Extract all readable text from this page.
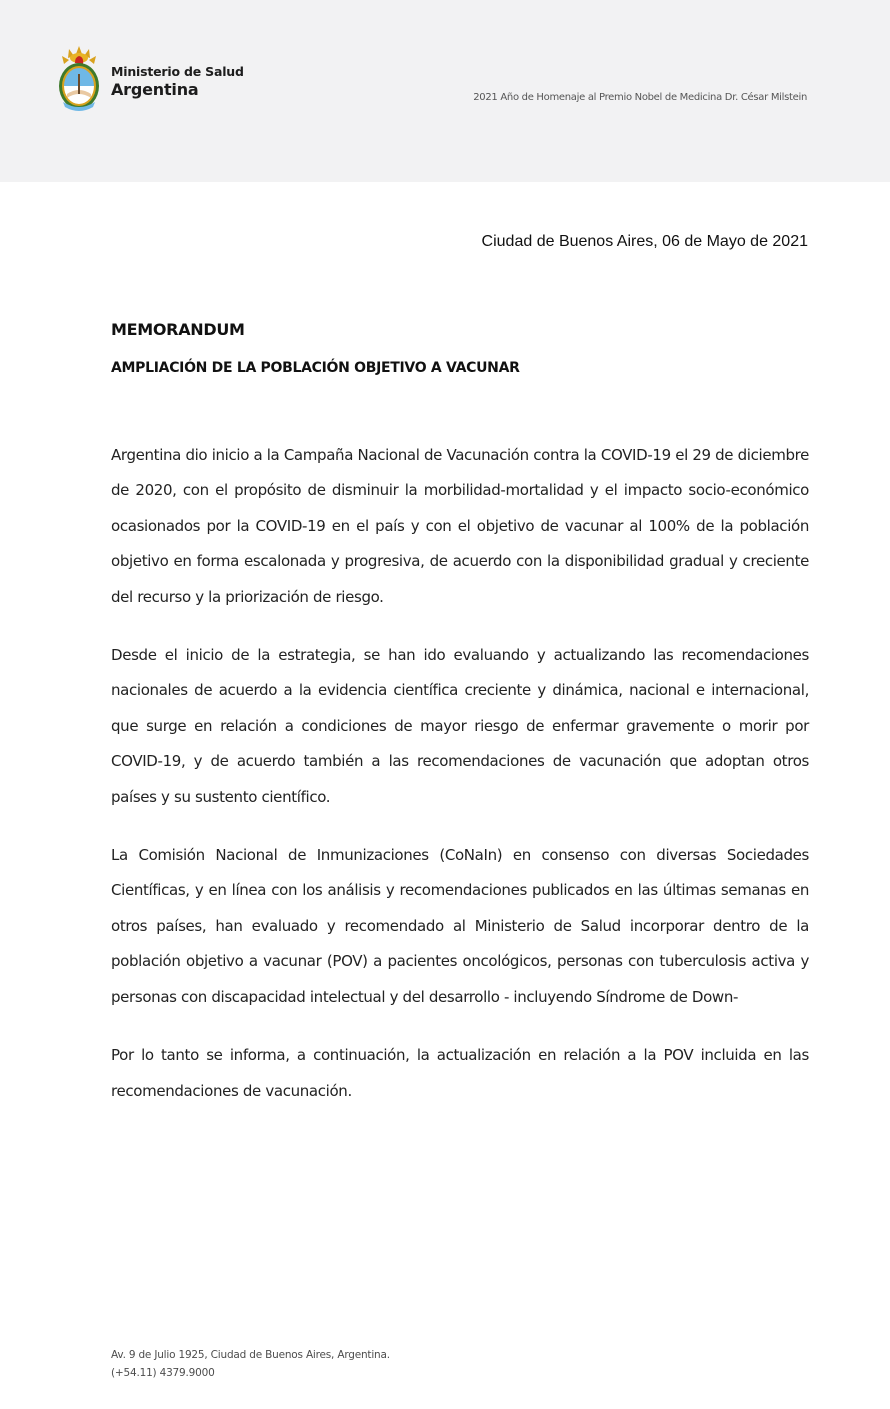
Ministerio de Salud
Argentina	2021 Año de Homenaje al Premio Nobel de Medicina Dr. César Milstein
Ciudad de Buenos Aires, 06 de Mayo de 2021
MEMORANDUM
AMPLIACIÓN DE LA POBLACIÓN OBJETIVO A VACUNAR

Argentina dio inicio a la Campaña Nacional de Vacunación contra la COVID-19 el 29 de diciembre de 2020, con el propósito de disminuir la morbilidad-mortalidad y el impacto socio-económico ocasionados por la COVID-19 en el país y con el objetivo de vacunar al 100% de la población objetivo en forma escalonada y progresiva, de acuerdo con la disponibilidad gradual y creciente del recurso y la priorización de riesgo.

Desde el inicio de la estrategia, se han ido evaluando y actualizando las recomendaciones nacionales de acuerdo a la evidencia científica creciente y dinámica, nacional e internacional, que surge en relación a condiciones de mayor riesgo de enfermar gravemente o morir por COVID-19, y de acuerdo también a las recomendaciones de vacunación que adoptan otros países y su sustento científico.

La Comisión Nacional de Inmunizaciones (CoNaIn) en consenso con diversas Sociedades Científicas, y en línea con los análisis y recomendaciones publicados en las últimas semanas en otros países, han evaluado y recomendado al Ministerio de Salud incorporar dentro de la población objetivo a vacunar (POV) a pacientes oncológicos, personas con tuberculosis activa y personas con discapacidad intelectual y del desarrollo - incluyendo Síndrome de Down-

Por lo tanto se informa, a continuación, la actualización en relación a la POV incluida en las recomendaciones de vacunación.

Av. 9 de Julio 1925, Ciudad de Buenos Aires, Argentina.
(+54.11) 4379.9000
